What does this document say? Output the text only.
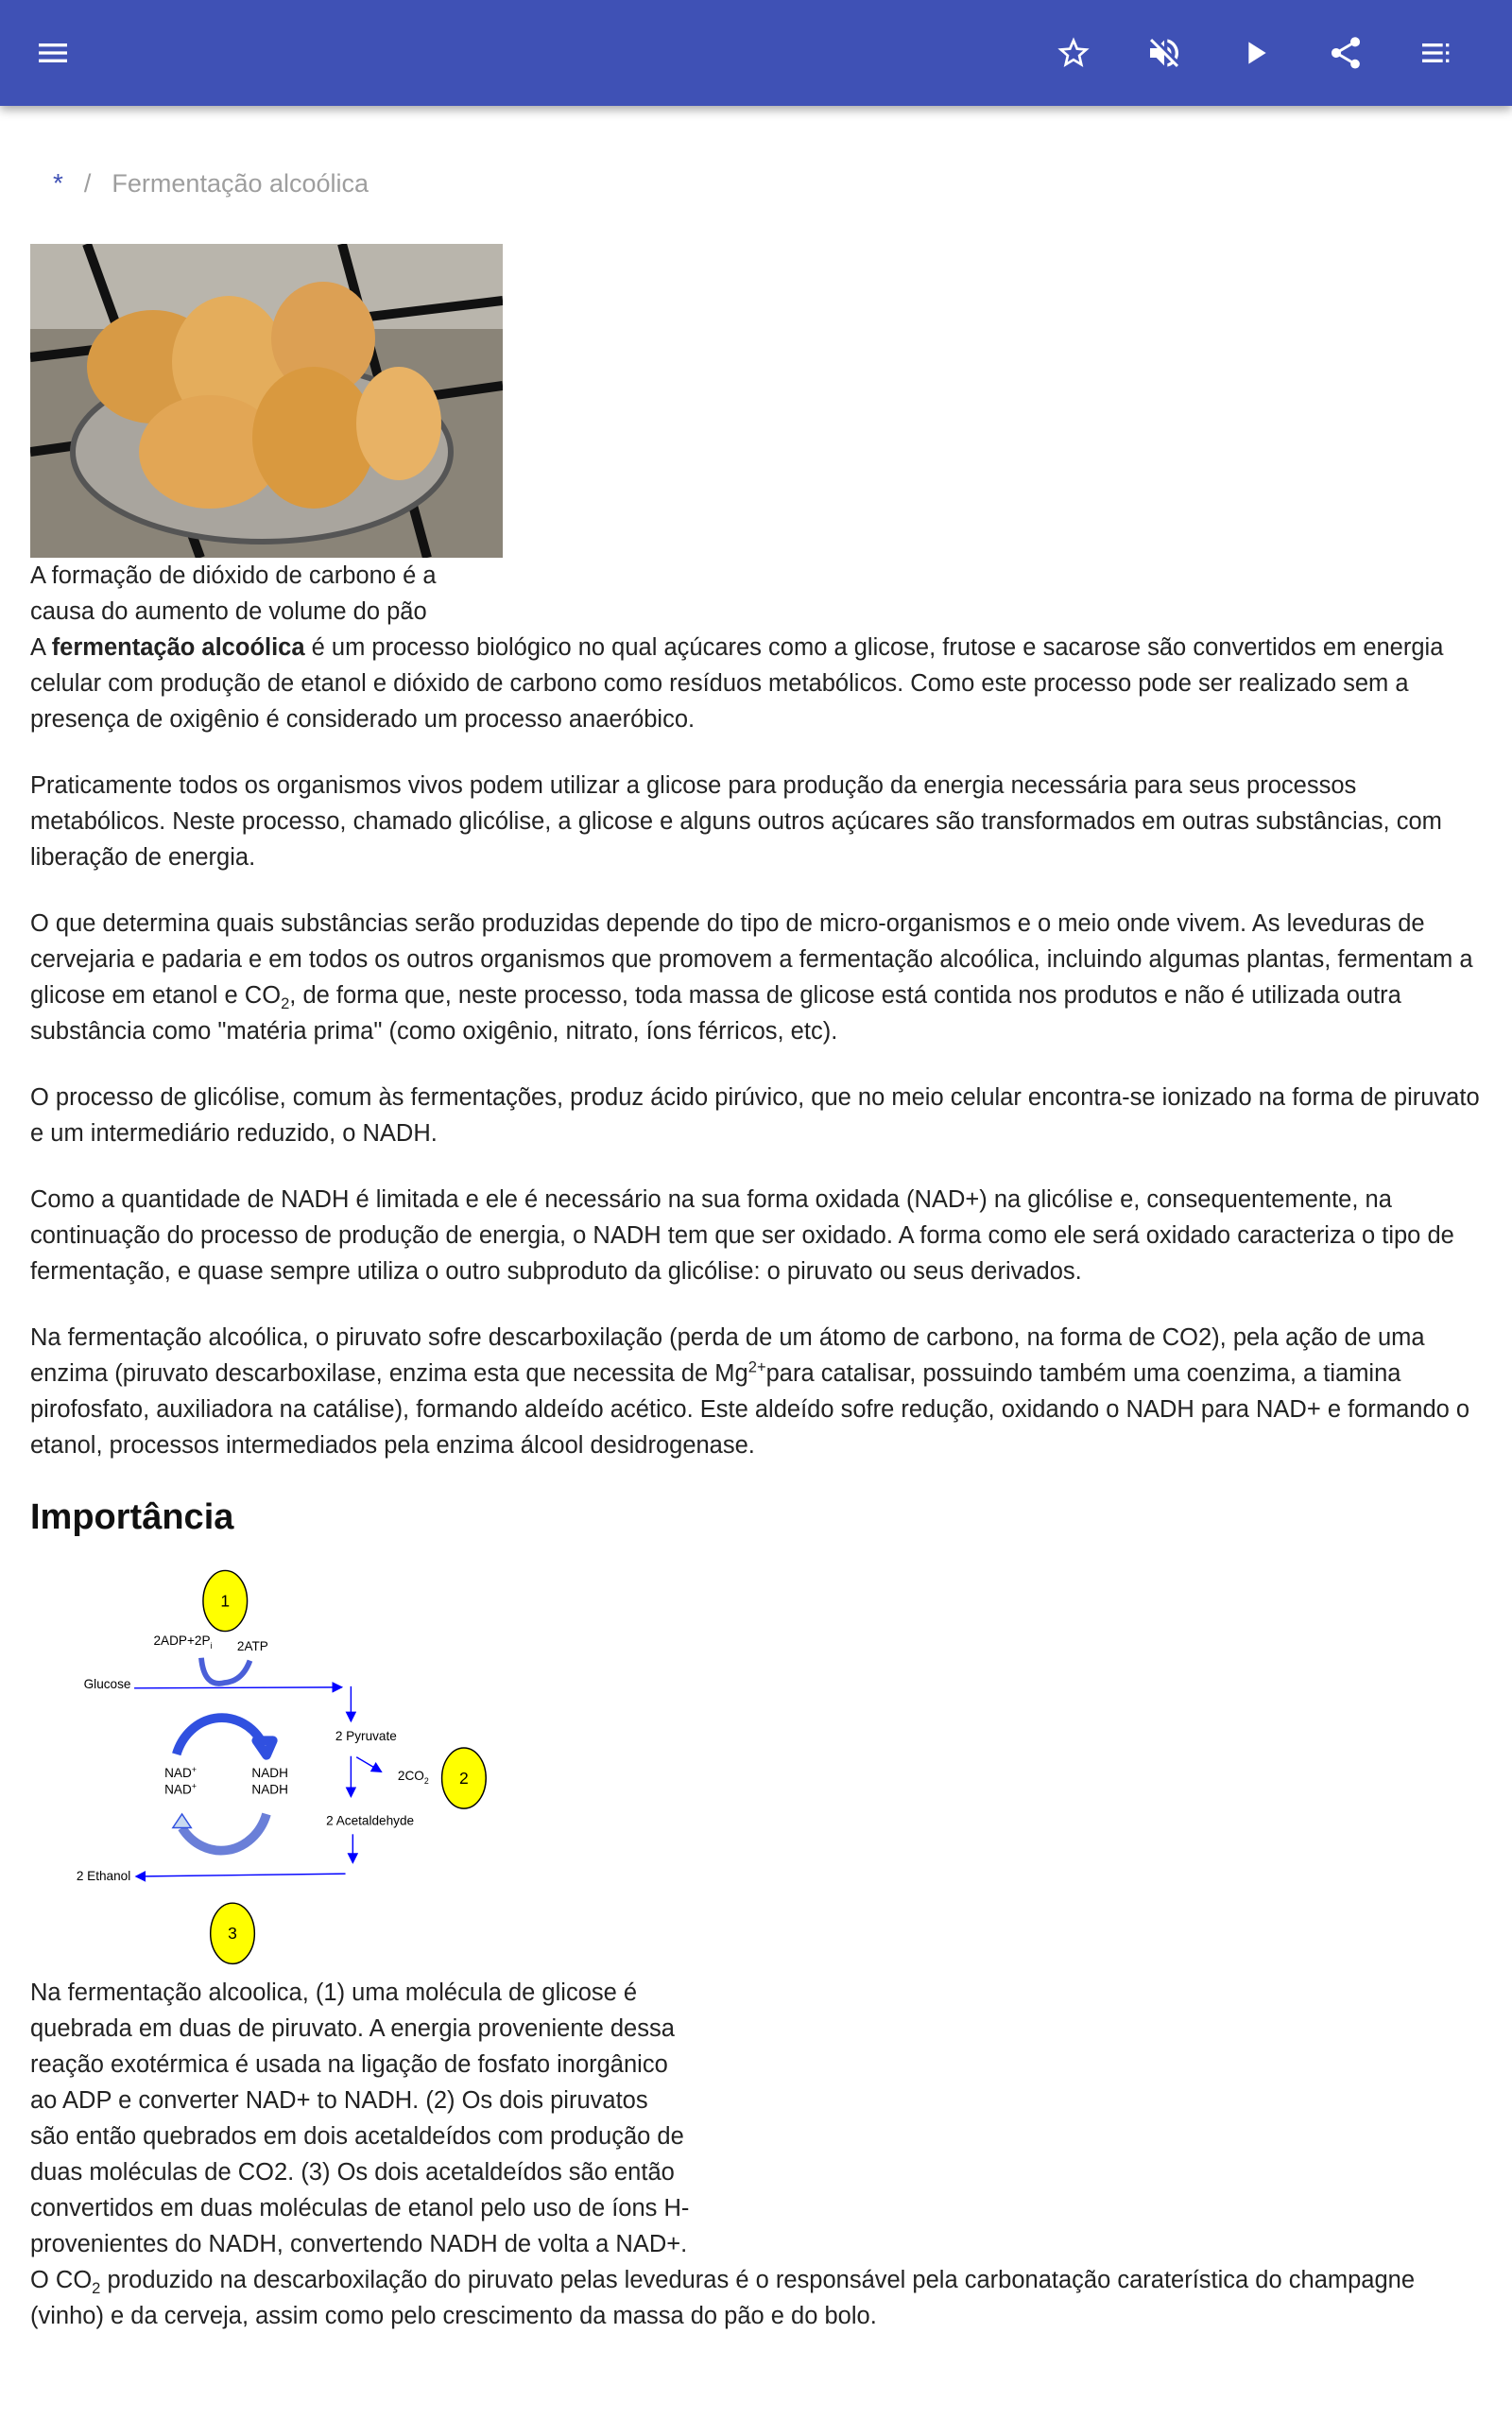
* / Fermentação alcoólica
A formação de dióxido de carbono é a causa do aumento de volume do pão

A fermentação alcoólica é um processo biológico no qual açúcares como a glicose, frutose e sacarose são convertidos em energia celular com produção de etanol e dióxido de carbono como resíduos metabólicos. Como este processo pode ser realizado sem a presença de oxigênio é considerado um processo anaeróbico.

Praticamente todos os organismos vivos podem utilizar a glicose para produção da energia necessária para seus processos metabólicos. Neste processo, chamado glicólise, a glicose e alguns outros açúcares são transformados em outras substâncias, com liberação de energia.

O que determina quais substâncias serão produzidas depende do tipo de micro-organismos e o meio onde vivem. As leveduras de cervejaria e padaria e em todos os outros organismos que promovem a fermentação alcoólica, incluindo algumas plantas, fermentam a glicose em etanol e $CO_2$, de forma que, neste processo, toda massa de glicose está contida nos produtos e não é utilizada outra substância como "matéria prima" (como oxigênio, nitrato, íons férricos, etc).

O processo de glicólise, comum às fermentações, produz ácido pirúvico, que no meio celular encontra-se ionizado na forma de piruvato e um intermediário reduzido, o NADH.

Como a quantidade de NADH é limitada e ele é necessário na sua forma oxidada (NAD+) na glicólise e, consequentemente, na continuação do processo de produção de energia, o NADH tem que ser oxidado. A forma como ele será oxidado caracteriza o tipo de fermentação, e quase sempre utiliza o outro subproduto da glicólise: o piruvato ou seus derivados.

Na fermentação alcoólica, o piruvato sofre descarboxilação (perda de um átomo de carbono, na forma de CO2), pela ação de uma enzima (piruvato descarboxilase, enzima esta que necessita de $Mg^{2+}para$ catalisar, possuindo também uma coenzima, a tiamina pirofosfato, auxiliadora na catálise), formando aldeído acético. Este aldeído sofre redução, oxidando o NADH para NAD+ e formando o etanol, processos intermediados pela enzima álcool desidrogenase.

Importância
1
2
3
$2ADP+2P_i$ 2ATP
Glucose
2 Pyruvate
$2CO_2$
NAD+
NAD+
NADH
NADH
2 Acetaldehyde
2 Ethanol
Na fermentação alcoolica, (1) uma molécula de glicose é quebrada em duas de piruvato. A energia proveniente dessa reação exotérmica é usada na ligação de fosfato inorgânico ao ADP e converter NAD+ to NADH. (2) Os dois piruvatos são então quebrados em dois acetaldeídos com produção de duas moléculas de CO2. (3) Os dois acetaldeídos são então convertidos em duas moléculas de etanol pelo uso de íons H- provenientes do NADH, convertendo NADH de volta a NAD+.

O $CO_2$ produzido na descarboxilação do piruvato pelas leveduras é o responsável pela carbonatação caraterística do champagne (vinho) e da cerveja, assim como pelo crescimento da massa do pão e do bolo.
